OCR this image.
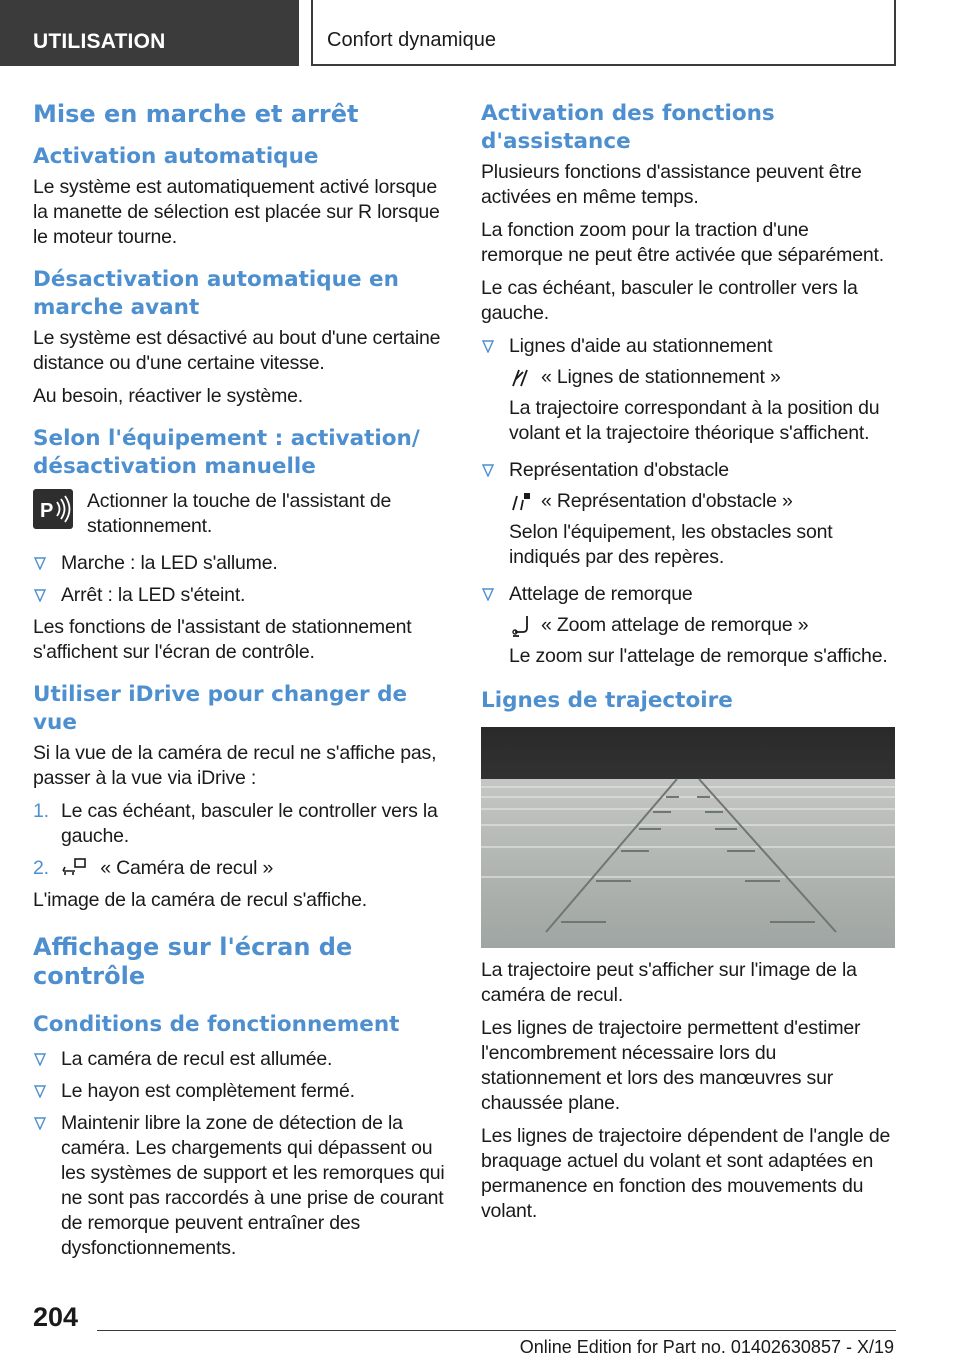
UTILISATION	Confort dynamique
Mise en marche et arrêt
Activation automatique

Le système est automatiquement activé lorsque la manette de sélection est placée sur R lorsque le moteur tourne.

Désactivation automatique en marche avant

Le système est désactivé au bout d'une certaine distance ou d'une certaine vitesse.

Au besoin, réactiver le système.

Selon l'équipement : activation/ désactivation manuelle
P Actionner la touche de l'assistant de stationnement.

Marche : la LED s'allume.
Arrêt : la LED s'éteint.

Les fonctions de l'assistant de stationnement s'affichent sur l'écran de contrôle.

Utiliser iDrive pour changer de vue

Si la vue de la caméra de recul ne s'affiche pas, passer à la vue via iDrive :

1. Le cas échéant, basculer le controller vers la gauche.
2.	« Caméra de recul »

L'image de la caméra de recul s'affiche.

Affichage sur l'écran de contrôle
Conditions de fonctionnement
La caméra de recul est allumée.
Le hayon est complètement fermé.
Maintenir libre la zone de détection de la caméra. Les chargements qui dépassent ou les systèmes de support et les remorques qui ne sont pas raccordés à une prise de courant de remorque peuvent entraîner des dysfonctionnements.
Activation des fonctions d'assistance

Plusieurs fonctions d'assistance peuvent être activées en même temps.

La fonction zoom pour la traction d'une remorque ne peut être activée que séparément.

Le cas échéant, basculer le controller vers la gauche.

Lignes d'aide au stationnement
« Lignes de stationnement »
La trajectoire correspondant à la position du volant et la trajectoire théorique s'affichent.
Représentation d'obstacle
« Représentation d'obstacle »
Selon l'équipement, les obstacles sont indiqués par des repères.
Attelage de remorque
« Zoom attelage de remorque »
Le zoom sur l'attelage de remorque s'affiche.
Lignes de trajectoire

La trajectoire peut s'afficher sur l'image de la caméra de recul.

Les lignes de trajectoire permettent d'estimer l'encombrement nécessaire lors du stationnement et lors des manœuvres sur chaussée plane.

Les lignes de trajectoire dépendent de l'angle de braquage actuel du volant et sont adaptées en permanence en fonction des mouvements du volant.

204
Online Edition for Part no. 01402630857 - X/19
